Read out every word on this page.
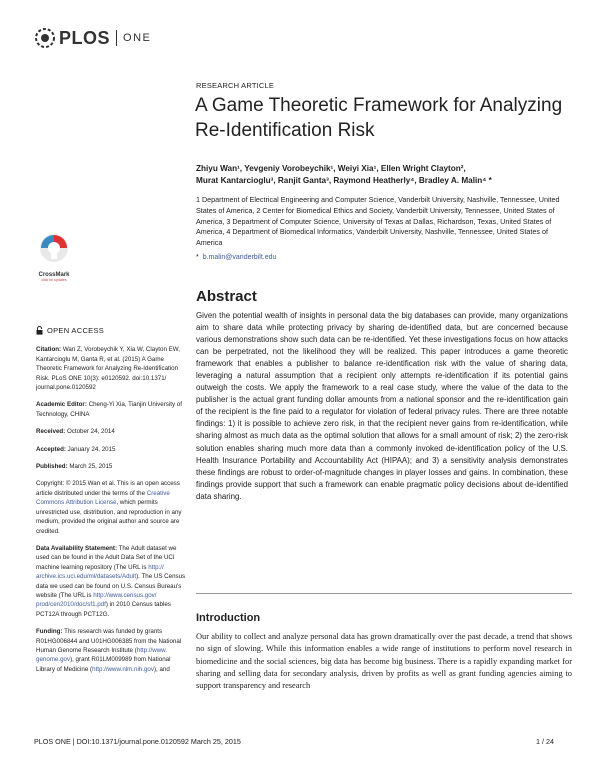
PLOS ONE
RESEARCH ARTICLE
A Game Theoretic Framework for Analyzing
Re-Identification Risk
Zhiyu Wan¹, Yevgeniy Vorobeychik¹, Weiyi Xia¹, Ellen Wright Clayton²,
Murat Kantarcioglu³, Ranjit Ganta³, Raymond Heatherly⁴, Bradley A. Malin⁴ *
1 Department of Electrical Engineering and Computer Science, Vanderbilt University, Nashville, Tennessee, United States of America, 2 Center for Biomedical Ethics and Society, Vanderbilt University, Tennessee, United States of America, 3 Department of Computer Science, University of Texas at Dallas, Richardson, Texas, United States of America, 4 Department of Biomedical Informatics, Vanderbilt University, Nashville, Tennessee, United States of America
* b.malin@vanderbilt.edu
CrossMark
click for updates
OPEN ACCESS
Citation: Wan Z, Vorobeychik Y, Xia W, Clayton EW, Kantarcioglu M, Ganta R, et al. (2015) A Game Theoretic Framework for Analyzing Re-Identification Risk. PLoS ONE 10(3): e0120592. doi:10.1371/ journal.pone.0120592
Academic Editor: Cheng-Yi Xia, Tianjin University of Technology, CHINA
Received: October 24, 2014
Accepted: January 24, 2015
Published: March 25, 2015
Copyright: © 2015 Wan et al. This is an open access article distributed under the terms of the Creative Commons Attribution License, which permits unrestricted use, distribution, and reproduction in any medium, provided the original author and source are credited.
Data Availability Statement: The Adult dataset we used can be found in the Adult Data Set of the UCI machine learning repository (The URL is http:// archive.ics.uci.edu/ml/datasets/Adult). The US Census data we used can be found on U.S. Census Bureau's website (The URL is http://www.census.gov/ prod/cen2010/doc/sf1.pdf) in 2010 Census tables PCT12A through PCT12G.
Funding: This research was funded by grants R01HG006844 and U01HG006385 from the National Human Genome Research Institute (http://www. genome.gov), grant R01LM009989 from National Library of Medicine (http://www.nlm.nih.gov), and
Abstract

Given the potential wealth of insights in personal data the big databases can provide, many organizations aim to share data while protecting privacy by sharing de-identified data, but are concerned because various demonstrations show such data can be re-identified. Yet these investigations focus on how attacks can be perpetrated, not the likelihood they will be realized. This paper introduces a game theoretic framework that enables a publisher to balance re-identification risk with the value of sharing data, leveraging a natural assumption that a recipient only attempts re-identification if its potential gains outweigh the costs. We apply the framework to a real case study, where the value of the data to the publisher is the actual grant funding dollar amounts from a national sponsor and the re-identification gain of the recipient is the fine paid to a regulator for violation of federal privacy rules. There are three notable findings: 1) it is possible to achieve zero risk, in that the recipient never gains from re-identification, while sharing almost as much data as the optimal solution that allows for a small amount of risk; 2) the zero-risk solution enables sharing much more data than a commonly invoked de-identification policy of the U.S. Health Insurance Portability and Accountability Act (HIPAA); and 3) a sensitivity analysis demonstrates these findings are robust to order-of-magnitude changes in player losses and gains. In combination, these findings provide support that such a framework can enable pragmatic policy decisions about de-identified data sharing.

Introduction

Our ability to collect and analyze personal data has grown dramatically over the past decade, a trend that shows no sign of slowing. While this information enables a wide range of institutions to perform novel research in biomedicine and the social sciences, big data has become big business. There is a rapidly expanding market for sharing and selling data for secondary analysis, driven by profits as well as grant funding agencies aiming to support transparency and research

PLOS ONE | DOI:10.1371/journal.pone.0120592 March 25, 2015	1 / 24
